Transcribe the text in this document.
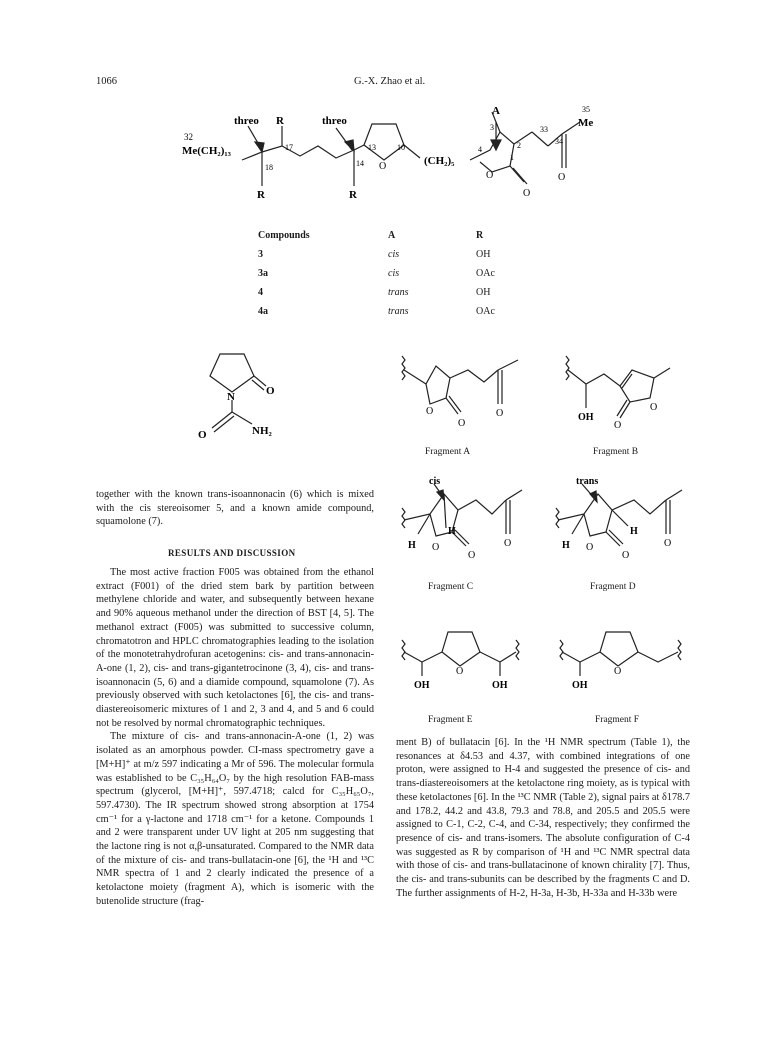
1066	G.-X. Zhao et al.
threo R	threo
32
Me(CH₂)₁₃	17
18	14
13	10
O	(CH₂)₅
A
3
4
1
2
O
O
33
34
35
Me
O
R	R
Compounds	A	R
3	cis	OH
3a	cis	OAc
4	trans	OH
4a	trans	OAc
O
N
O	NH₂
O
O
O
Fragment A
OH
O
O
Fragment B
cis
H
H
O
O
O
Fragment C
trans
H
H
O
O
O
Fragment D
O
OH	OH
Fragment E
O
OH
Fragment F

together with the known trans-isoannonacin (6) which is mixed with the cis stereoisomer 5, and a known amide compound, squamolone (7).

RESULTS AND DISCUSSION

The most active fraction F005 was obtained from the ethanol extract (F001) of the dried stem bark by partition between methylene chloride and water, and subsequently between hexane and 90% aqueous methanol under the direction of BST [4, 5]. The methanol extract (F005) was submitted to successive column, chromatotron and HPLC chromatographies leading to the isolation of the monotetrahydrofuran acetogenins: cis- and trans-annonacin-A-one (1, 2), cis- and trans-gigantetrocinone (3, 4), cis- and trans-isoannonacin (5, 6) and a diamide compound, squamolone (7). As previously observed with such ketolactones [6], the cis- and trans- diastereoisomeric mixtures of 1 and 2, 3 and 4, and 5 and 6 could not be resolved by normal chromatographic techniques.

The mixture of cis- and trans-annonacin-A-one (1, 2) was isolated as an amorphous powder. CI-mass spectrometry gave a [M+H]⁺ at m/z 597 indicating a Mr of 596. The molecular formula was established to be C₃₅H₆₄O₇ by the high resolution FAB-mass spectrum (glycerol, [M+H]⁺, 597.4718; calcd for C₃₅H₆₅O₇, 597.4730). The IR spectrum showed strong absorption at 1754 cm⁻¹ for a γ-lactone and 1718 cm⁻¹ for a ketone. Compounds 1 and 2 were transparent under UV light at 205 nm suggesting that the lactone ring is not α,β-unsaturated. Compared to the NMR data of the mixture of cis- and trans-bullatacin-one [6], the ¹H and ¹³C NMR spectra of 1 and 2 clearly indicated the presence of a ketolactone moiety (fragment A), which is isomeric with the butenolide structure (frag-

ment B) of bullatacin [6]. In the ¹H NMR spectrum (Table 1), the resonances at δ4.53 and 4.37, with combined integrations of one proton, were assigned to H-4 and suggested the presence of cis- and trans-diastereoisomers at the ketolactone ring moiety, as is typical with these ketolactones [6]. In the ¹³C NMR (Table 2), signal pairs at δ178.7 and 178.2, 44.2 and 43.8, 79.3 and 78.8, and 205.5 and 205.5 were assigned to C-1, C-2, C-4, and C-34, respectively; they confirmed the presence of cis- and trans-isomers. The absolute configuration of C-4 was suggested as R by comparison of ¹H and ¹³C NMR spectral data with those of cis- and trans-bullatacinone of known chirality [7]. Thus, the cis- and trans-subunits can be described by the fragments C and D. The further assignments of H-2, H-3a, H-3b, H-33a and H-33b were
